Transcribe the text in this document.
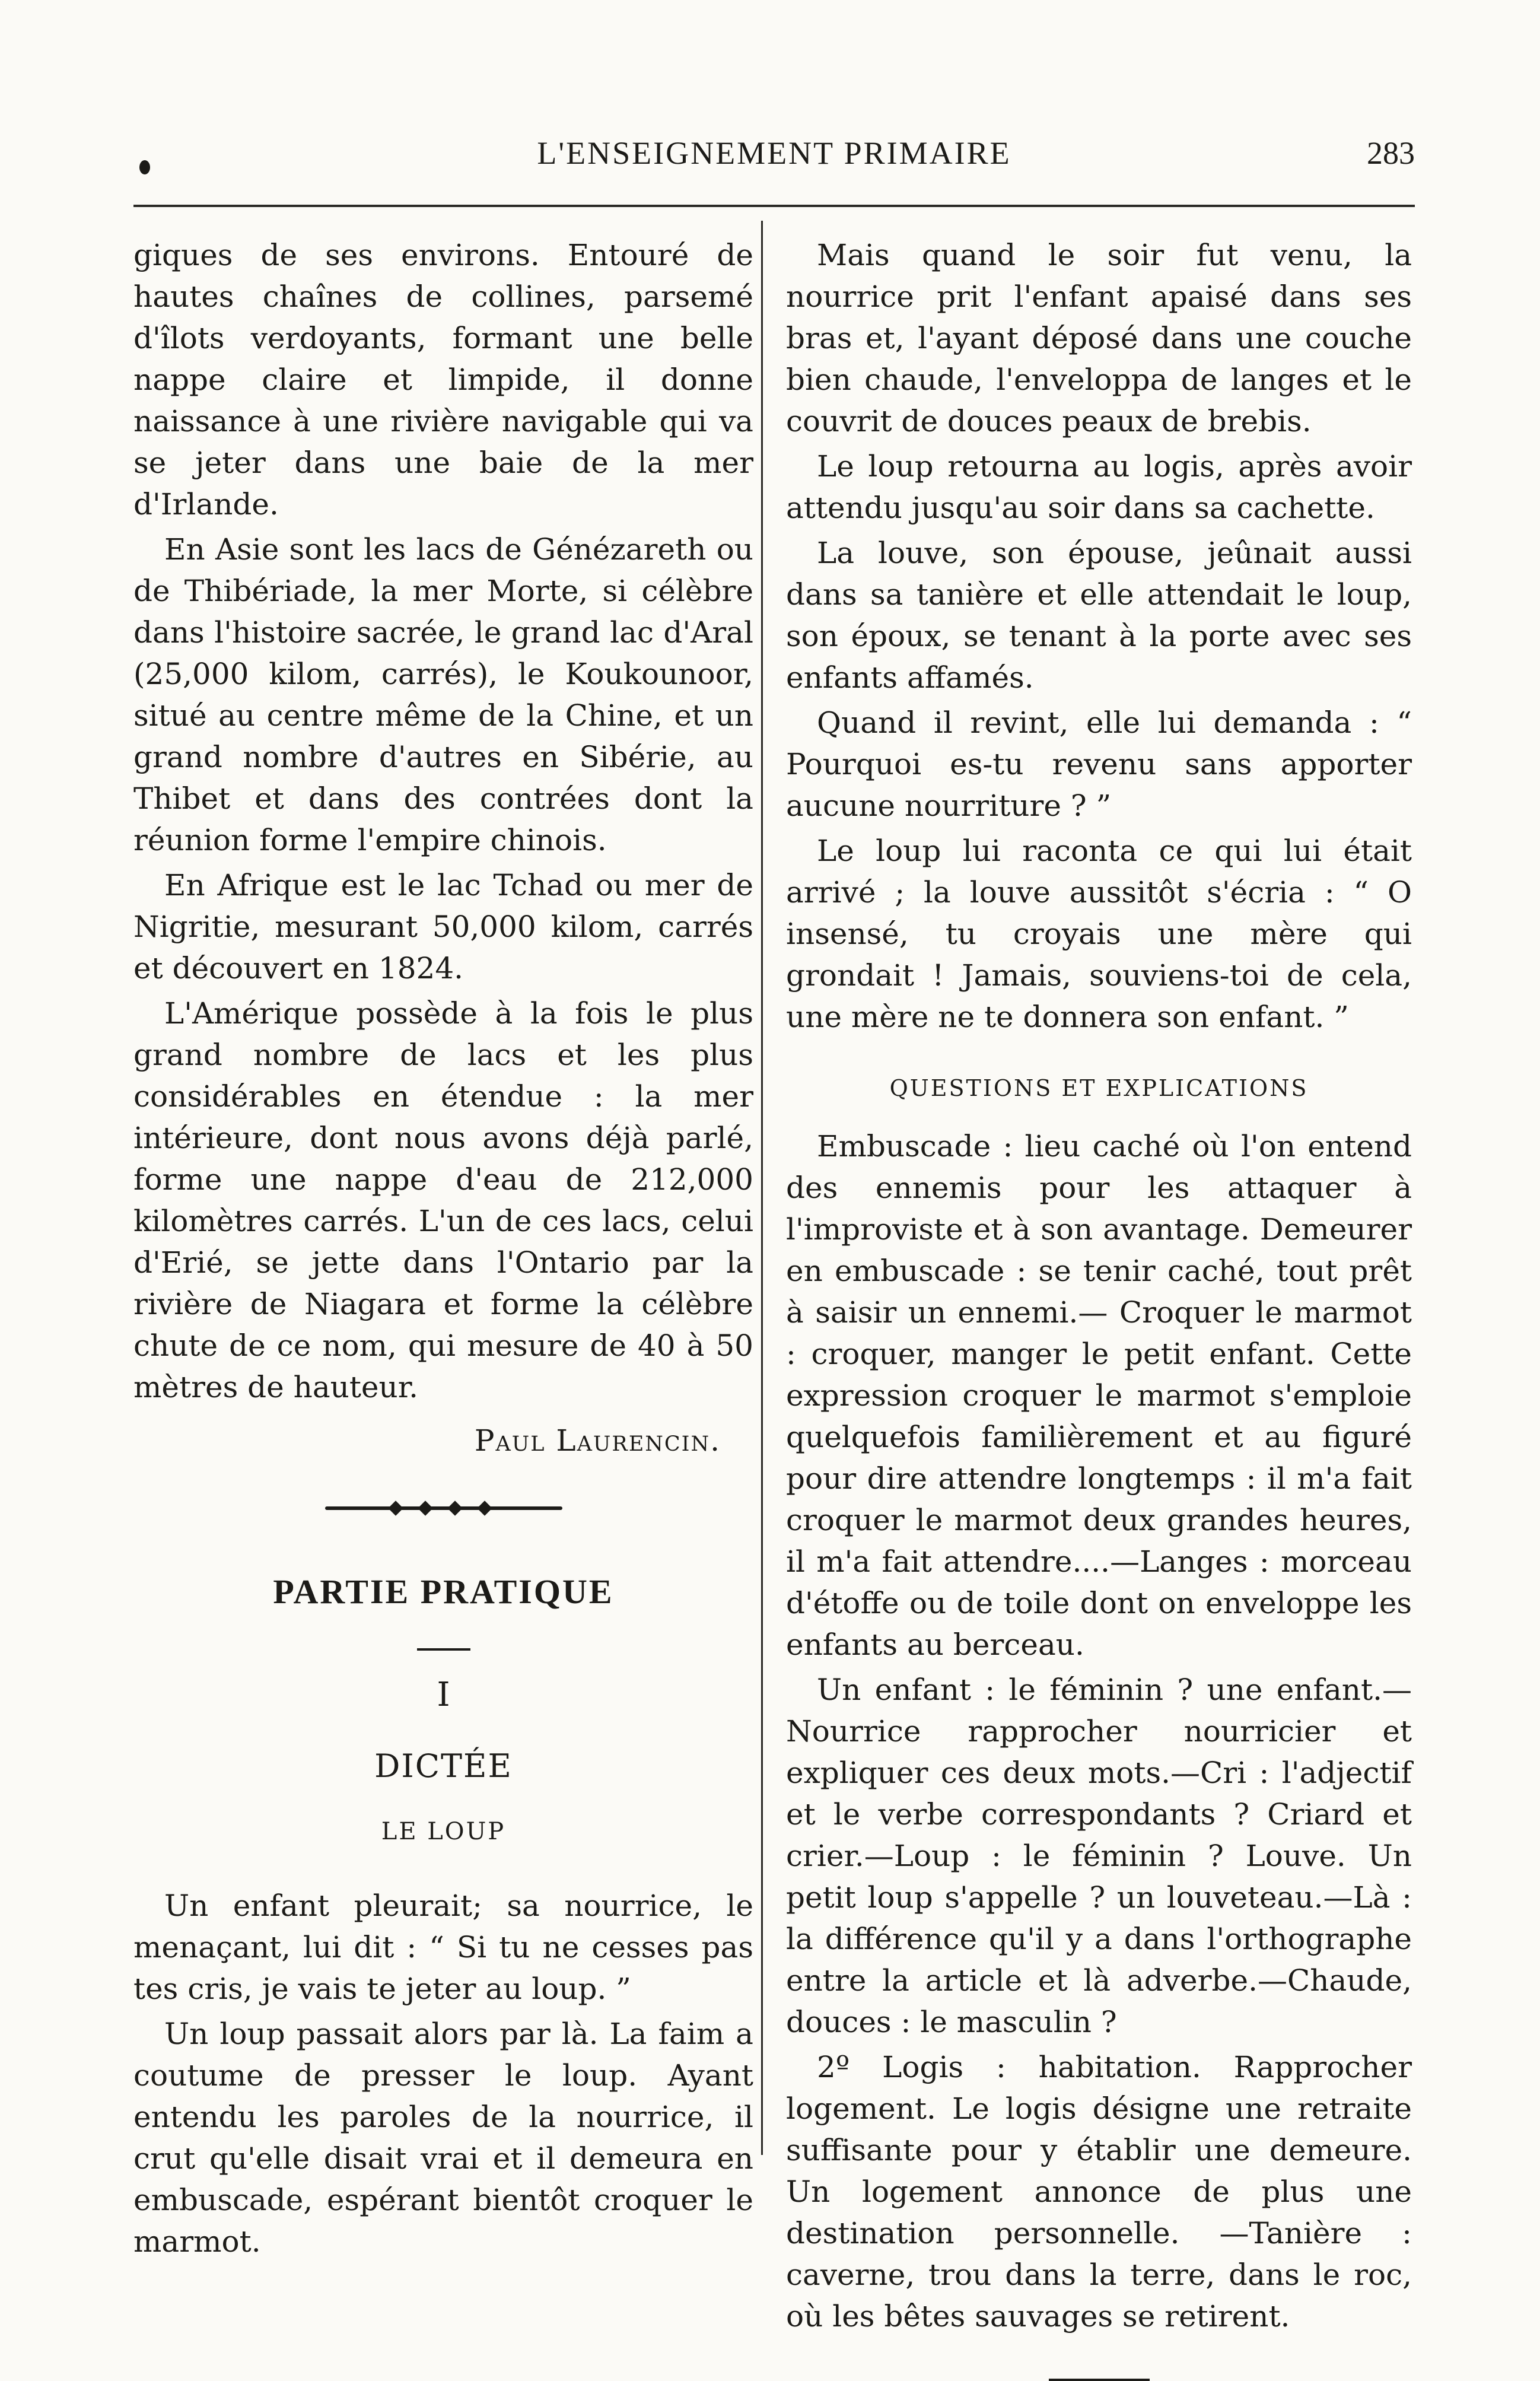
L'ENSEIGNEMENT PRIMAIRE	283

giques de ses environs. Entouré de hautes chaînes de collines, parsemé d'îlots verdoyants, formant une belle nappe claire et limpide, il donne naissance à une rivière navigable qui va se jeter dans une baie de la mer d'Irlande.

En Asie sont les lacs de Génézareth ou de Thibériade, la mer Morte, si célèbre dans l'histoire sacrée, le grand lac d'Aral (25,000 kilom, carrés), le Koukounoor, situé au centre même de la Chine, et un grand nombre d'autres en Sibérie, au Thibet et dans des contrées dont la réunion forme l'empire chinois.

En Afrique est le lac Tchad ou mer de Nigritie, mesurant 50,000 kilom, carrés et découvert en 1824.

L'Amérique possède à la fois le plus grand nombre de lacs et les plus considérables en étendue : la mer intérieure, dont nous avons déjà parlé, forme une nappe d'eau de 212,000 kilomètres carrés. L'un de ces lacs, celui d'Erié, se jette dans l'Ontario par la rivière de Niagara et forme la célèbre chute de ce nom, qui mesure de 40 à 50 mètres de hauteur.

Paul Laurencin.
PARTIE PRATIQUE
I
DICTÉE
LE LOUP

Un enfant pleurait; sa nourrice, le menaçant, lui dit : “ Si tu ne cesses pas tes cris, je vais te jeter au loup. ”

Un loup passait alors par là. La faim a coutume de presser le loup. Ayant entendu les paroles de la nourrice, il crut qu'elle disait vrai et il demeura en embuscade, espérant bientôt croquer le marmot.

Mais quand le soir fut venu, la nourrice prit l'enfant apaisé dans ses bras et, l'ayant déposé dans une couche bien chaude, l'enveloppa de langes et le couvrit de douces peaux de brebis.

Le loup retourna au logis, après avoir attendu jusqu'au soir dans sa cachette.

La louve, son épouse, jeûnait aussi dans sa tanière et elle attendait le loup, son époux, se tenant à la porte avec ses enfants affamés.

Quand il revint, elle lui demanda : “ Pourquoi es-tu revenu sans apporter aucune nourriture ? ”

Le loup lui raconta ce qui lui était arrivé ; la louve aussitôt s'écria : “ O insensé, tu croyais une mère qui grondait ! Jamais, souviens-toi de cela, une mère ne te donnera son enfant. ”

QUESTIONS ET EXPLICATIONS

Embuscade : lieu caché où l'on entend des ennemis pour les attaquer à l'improviste et à son avantage. Demeurer en embuscade : se tenir caché, tout prêt à saisir un ennemi.— Croquer le marmot : croquer, manger le petit enfant. Cette expression croquer le marmot s'emploie quelquefois familièrement et au figuré pour dire attendre longtemps : il m'a fait croquer le marmot deux grandes heures, il m'a fait attendre....—Langes : morceau d'étoffe ou de toile dont on enveloppe les enfants au berceau.

Un enfant : le féminin ? une enfant.— Nourrice rapprocher nourricier et expliquer ces deux mots.—Cri : l'adjectif et le verbe correspondants ? Criard et crier.—Loup : le féminin ? Louve. Un petit loup s'appelle ? un louveteau.—Là : la différence qu'il y a dans l'orthographe entre la article et là adverbe.—Chaude, douces : le masculin ?

2º Logis : habitation. Rapprocher logement. Le logis désigne une retraite suffisante pour y établir une demeure. Un logement annonce de plus une destination personnelle. —Tanière : caverne, trou dans la terre, dans le roc, où les bêtes sauvages se retirent.
